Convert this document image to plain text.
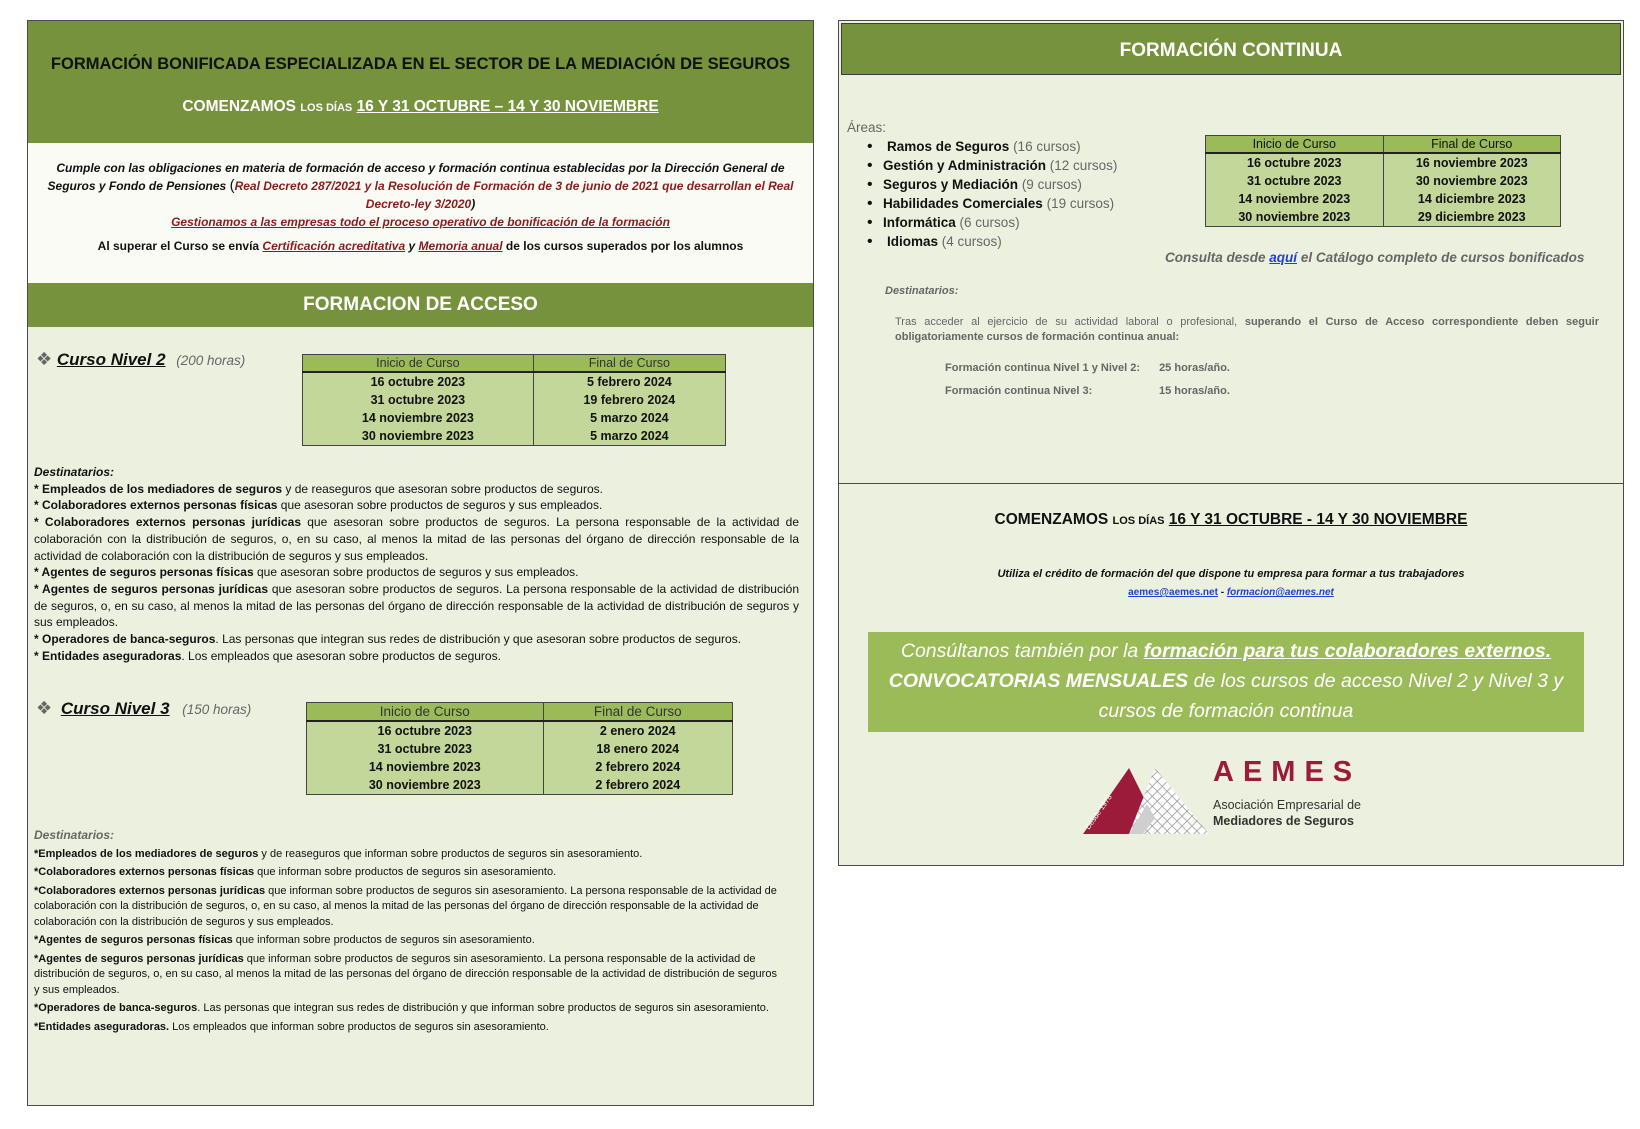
FORMACIÓN BONIFICADA ESPECIALIZADA EN EL SECTOR DE LA MEDIACIÓN DE SEGUROS
COMENZAMOS LOS DÍAS 16 Y 31 OCTUBRE – 14 Y 30 NOVIEMBRE
Cumple con las obligaciones en materia de formación de acceso y formación continua establecidas por la Dirección General de Seguros y Fondo de Pensiones (Real Decreto 287/2021 y la Resolución de Formación de 3 de junio de 2021 que desarrollan el Real Decreto-ley 3/2020)
Gestionamos a las empresas todo el proceso operativo de bonificación de la formación
Al superar el Curso se envía Certificación acreditativa y Memoria anual de los cursos superados por los alumnos
FORMACION DE ACCESO
❖ Curso Nivel 2 (200 horas)	Inicio de Curso	Final de Curso
16 octubre 2023	5 febrero 2024
31 octubre 2023	19 febrero 2024
14 noviembre 2023	5 marzo 2024
30 noviembre 2023	5 marzo 2024
Destinatarios:
* Empleados de los mediadores de seguros y de reaseguros que asesoran sobre productos de seguros.
* Colaboradores externos personas físicas que asesoran sobre productos de seguros y sus empleados.
* Colaboradores externos personas jurídicas que asesoran sobre productos de seguros. La persona responsable de la actividad de colaboración con la distribución de seguros, o, en su caso, al menos la mitad de las personas del órgano de dirección responsable de la actividad de colaboración con la distribución de seguros y sus empleados.
* Agentes de seguros personas físicas que asesoran sobre productos de seguros y sus empleados.
* Agentes de seguros personas jurídicas que asesoran sobre productos de seguros. La persona responsable de la actividad de distribución de seguros, o, en su caso, al menos la mitad de las personas del órgano de dirección responsable de la actividad de distribución de seguros y sus empleados.
* Operadores de banca-seguros. Las personas que integran sus redes de distribución y que asesoran sobre productos de seguros.
* Entidades aseguradoras. Los empleados que asesoran sobre productos de seguros.
❖ Curso Nivel 3 (150 horas)	Inicio de Curso	Final de Curso
16 octubre 2023	2 enero 2024
31 octubre 2023	18 enero 2024
14 noviembre 2023	2 febrero 2024
30 noviembre 2023	2 febrero 2024
Destinatarios:
*Empleados de los mediadores de seguros y de reaseguros que informan sobre productos de seguros sin asesoramiento.
*Colaboradores externos personas físicas que informan sobre productos de seguros sin asesoramiento.
*Colaboradores externos personas jurídicas que informan sobre productos de seguros sin asesoramiento. La persona responsable de la actividad de colaboración con la distribución de seguros, o, en su caso, al menos la mitad de las personas del órgano de dirección responsable de la actividad de colaboración con la distribución de seguros y sus empleados.
*Agentes de seguros personas físicas que informan sobre productos de seguros sin asesoramiento.
*Agentes de seguros personas jurídicas que informan sobre productos de seguros sin asesoramiento. La persona responsable de la actividad de distribución de seguros, o, en su caso, al menos la mitad de las personas del órgano de dirección responsable de la actividad de distribución de seguros y sus empleados.
*Operadores de banca-seguros. Las personas que integran sus redes de distribución y que informan sobre productos de seguros sin asesoramiento.
*Entidades aseguradoras. Los empleados que informan sobre productos de seguros sin asesoramiento.
FORMACIÓN CONTINUA
Áreas:
• Ramos de Seguros (16 cursos)
• Gestión y Administración (12 cursos)
• Seguros y Mediación (9 cursos)
• Habilidades Comerciales (19 cursos)
• Informática (6 cursos)
• Idiomas (4 cursos)
Inicio de Curso	Final de Curso
16 octubre 2023	16 noviembre 2023
31 octubre 2023	30 noviembre 2023
14 noviembre 2023	14 diciembre 2023
30 noviembre 2023	29 diciembre 2023
Consulta desde aquí el Catálogo completo de cursos bonificados
Destinatarios:
Tras acceder al ejercicio de su actividad laboral o profesional, superando el Curso de Acceso correspondiente deben seguir obligatoriamente cursos de formación continua anual:
Formación continua Nivel 1 y Nivel 2: 25 horas/año.
Formación continua Nivel 3:	15 horas/año.
COMENZAMOS LOS DÍAS 16 Y 31 OCTUBRE - 14 Y 30 NOVIEMBRE
Utiliza el crédito de formación del que dispone tu empresa para formar a tus trabajadores
aemes@aemes.net - formacion@aemes.net
Consúltanos también por la formación para tus colaboradores externos.
CONVOCATORIAS MENSUALES de los cursos de acceso Nivel 2 y Nivel 3 y cursos de formación continua
Desde 1978
AEMES
Asociación Empresarial de
Mediadores de Seguros
